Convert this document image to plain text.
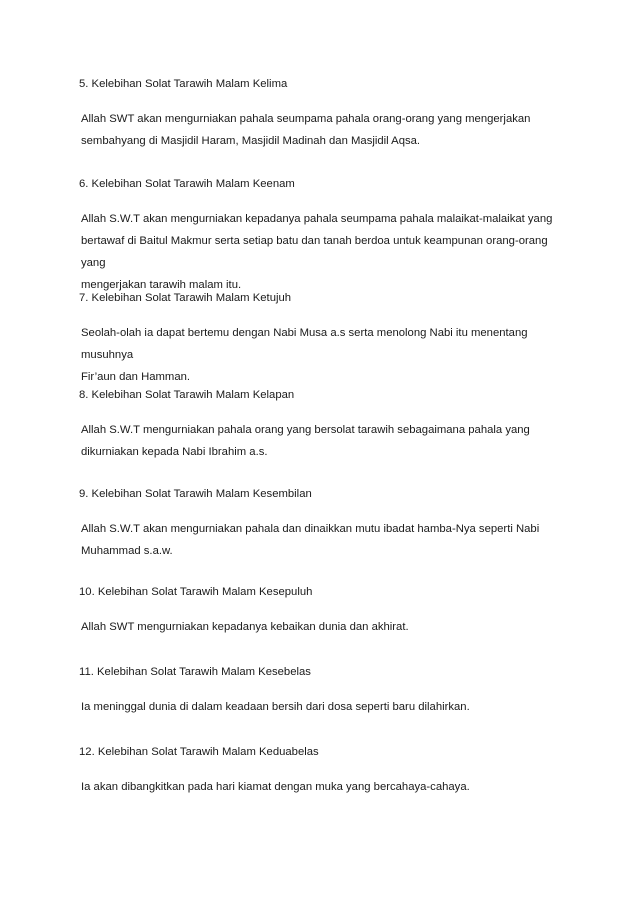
5. Kelebihan Solat Tarawih Malam Kelima

Allah SWT akan mengurniakan pahala seumpama pahala orang-orang yang mengerjakan
sembahyang di Masjidil Haram, Masjidil Madinah dan Masjidil Aqsa.

6. Kelebihan Solat Tarawih Malam Keenam

Allah S.W.T akan mengurniakan kepadanya pahala seumpama pahala malaikat-malaikat yang
bertawaf di Baitul Makmur serta setiap batu dan tanah berdoa untuk keampunan orang-orang yang
mengerjakan tarawih malam itu.

7. Kelebihan Solat Tarawih Malam Ketujuh

Seolah-olah ia dapat bertemu dengan Nabi Musa a.s serta menolong Nabi itu menentang musuhnya
Fir’aun dan Hamman.

8. Kelebihan Solat Tarawih Malam Kelapan

Allah S.W.T mengurniakan pahala orang yang bersolat tarawih sebagaimana pahala yang
dikurniakan kepada Nabi Ibrahim a.s.

9. Kelebihan Solat Tarawih Malam Kesembilan

Allah S.W.T akan mengurniakan pahala dan dinaikkan mutu ibadat hamba-Nya seperti Nabi
Muhammad s.a.w.

10. Kelebihan Solat Tarawih Malam Kesepuluh

Allah SWT mengurniakan kepadanya kebaikan dunia dan akhirat.

11. Kelebihan Solat Tarawih Malam Kesebelas

Ia meninggal dunia di dalam keadaan bersih dari dosa seperti baru dilahirkan.

12. Kelebihan Solat Tarawih Malam Keduabelas

Ia akan dibangkitkan pada hari kiamat dengan muka yang bercahaya-cahaya.
